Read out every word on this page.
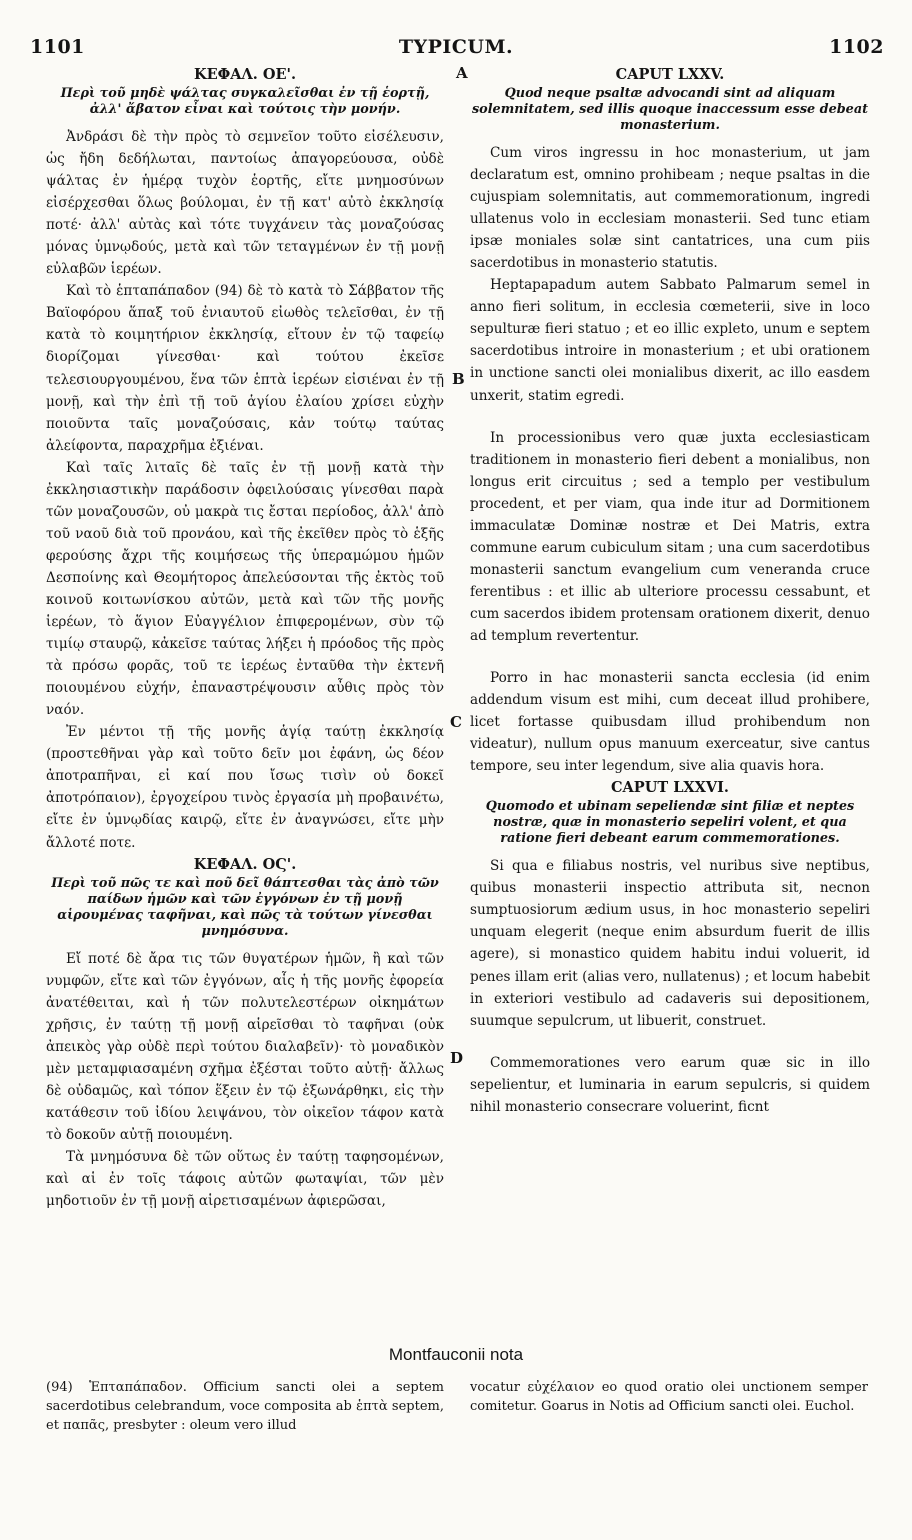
1101	TYPICUM.	1102
A
B
C
D
ΚΕΦΑΛ. ΟΕ'.
Περὶ τοῦ μηδὲ ψάλτας συγκαλεῖσθαι ἐν τῇ ἑορτῇ, ἀλλ' ἄβατον εἶναι καὶ τούτοις τὴν μονήν.

Ἀνδράσι δὲ τὴν πρὸς τὸ σεμνεῖον τοῦτο εἰσέλευσιν, ὡς ἤδη δεδήλωται, παντοίως ἀπαγορεύουσα, οὐδὲ ψάλτας ἐν ἡμέρᾳ τυχὸν ἑορτῆς, εἴτε μνημοσύνων εἰσέρχεσθαι ὅλως βούλομαι, ἐν τῇ κατ' αὐτὸ ἐκκλησίᾳ ποτέ· ἀλλ' αὐτὰς καὶ τότε τυγχάνειν τὰς μοναζούσας μόνας ὑμνῳδούς, μετὰ καὶ τῶν τεταγμένων ἐν τῇ μονῇ εὐλαβῶν ἱερέων.

Καὶ τὸ ἑπταπάπαδον (94) δὲ τὸ κατὰ τὸ Σάββατον τῆς Βαϊοφόρου ἅπαξ τοῦ ἐνιαυτοῦ εἰωθὸς τελεῖσθαι, ἐν τῇ κατὰ τὸ κοιμητήριον ἐκκλησίᾳ, εἴτουν ἐν τῷ ταφείῳ διορίζομαι γίνεσθαι· καὶ τούτου ἐκεῖσε τελεσιουργουμένου, ἕνα τῶν ἑπτὰ ἱερέων εἰσιέναι ἐν τῇ μονῇ, καὶ τὴν ἐπὶ τῇ τοῦ ἁγίου ἐλαίου χρίσει εὐχὴν ποιοῦντα ταῖς μοναζούσαις, κἀν τούτῳ ταύτας ἀλείφοντα, παραχρῆμα ἐξιέναι.

Καὶ ταῖς λιταῖς δὲ ταῖς ἐν τῇ μονῇ κατὰ τὴν ἐκκλησιαστικὴν παράδοσιν ὀφειλούσαις γίνεσθαι παρὰ τῶν μοναζουσῶν, οὐ μακρὰ τις ἔσται περίοδος, ἀλλ' ἀπὸ τοῦ ναοῦ διὰ τοῦ προνάου, καὶ τῆς ἐκεῖθεν πρὸς τὸ ἑξῆς φερούσης ἄχρι τῆς κοιμήσεως τῆς ὑπεραμώμου ἡμῶν Δεσποίνης καὶ Θεομήτορος ἀπελεύσονται τῆς ἐκτὸς τοῦ κοινοῦ κοιτωνίσκου αὐτῶν, μετὰ καὶ τῶν τῆς μονῆς ἱερέων, τὸ ἅγιον Εὐαγγέλιον ἐπιφερομένων, σὺν τῷ τιμίῳ σταυρῷ, κἀκεῖσε ταύτας λήξει ἡ πρόοδος τῆς πρὸς τὰ πρόσω φορᾶς, τοῦ τε ἱερέως ἐνταῦθα τὴν ἐκτενῆ ποιουμένου εὐχήν, ἐπαναστρέψουσιν αὖθις πρὸς τὸν ναόν.

Ἐν μέντοι τῇ τῆς μονῆς ἁγίᾳ ταύτῃ ἐκκλησίᾳ (προστεθῆναι γὰρ καὶ τοῦτο δεῖν μοι ἐφάνη, ὡς δέον ἀποτραπῆναι, εἰ καί που ἴσως τισὶν οὐ δοκεῖ ἀποτρόπαιον), ἐργοχείρου τινὸς ἐργασία μὴ προβαινέτω, εἴτε ἐν ὑμνῳδίας καιρῷ, εἴτε ἐν ἀναγνώσει, εἴτε μὴν ἄλλοτέ ποτε.

ΚΕΦΑΛ. ΟϚ'.
Περὶ τοῦ πῶς τε καὶ ποῦ δεῖ θάπτεσθαι τὰς ἀπὸ τῶν παίδων ἡμῶν καὶ τῶν ἐγγόνων ἐν τῇ μονῇ αἱρουμένας ταφῆναι, καὶ πῶς τὰ τούτων γίνεσθαι μνημόσυνα.

Εἴ ποτέ δὲ ἄρα τις τῶν θυγατέρων ἡμῶν, ἢ καὶ τῶν νυμφῶν, εἴτε καὶ τῶν ἐγγόνων, αἷς ἡ τῆς μονῆς ἐφορεία ἀνατέθειται, καὶ ἡ τῶν πολυτελεστέρων οἰκημάτων χρῆσις, ἐν ταύτῃ τῇ μονῇ αἱρεῖσθαι τὸ ταφῆναι (οὐκ ἀπεικὸς γὰρ οὐδὲ περὶ τούτου διαλαβεῖν)· τὸ μοναδικὸν μὲν μεταμφιασαμένη σχῆμα ἐξέσται τοῦτο αὐτῇ· ἄλλως δὲ οὐδαμῶς, καὶ τόπον ἕξειν ἐν τῷ ἐξωνάρθηκι, εἰς τὴν κατάθεσιν τοῦ ἰδίου λειψάνου, τὸν οἰκεῖον τάφον κατὰ τὸ δοκοῦν αὐτῇ ποιουμένη.

Τὰ μνημόσυνα δὲ τῶν οὕτως ἐν ταύτῃ ταφησομένων, καὶ αἱ ἐν τοῖς τάφοις αὐτῶν φωταψίαι, τῶν μὲν μηδοτιοῦν ἐν τῇ μονῇ αἱρετισαμένων ἀφιερῶσαι,

CAPUT LXXV.
Quod neque psaltæ advocandi sint ad aliquam solemnitatem, sed illis quoque inaccessum esse debeat monasterium.

Cum viros ingressu in hoc monasterium, ut jam declaratum est, omnino prohibeam ; neque psaltas in die cujuspiam solemnitatis, aut commemorationum, ingredi ullatenus volo in ecclesiam monasterii. Sed tunc etiam ipsæ moniales solæ sint cantatrices, una cum piis sacerdotibus in monasterio statutis.

Heptapapadum autem Sabbato Palmarum semel in anno fieri solitum, in ecclesia cœmeterii, sive in loco sepulturæ fieri statuo ; et eo illic expleto, unum e septem sacerdotibus introire in monasterium ; et ubi orationem in unctione sancti olei monialibus dixerit, ac illo easdem unxerit, statim egredi.

In processionibus vero quæ juxta ecclesiasticam traditionem in monasterio fieri debent a monialibus, non longus erit circuitus ; sed a templo per vestibulum procedent, et per viam, qua inde itur ad Dormitionem immaculatæ Dominæ nostræ et Dei Matris, extra commune earum cubiculum sitam ; una cum sacerdotibus monasterii sanctum evangelium cum veneranda cruce ferentibus : et illic ab ulteriore processu cessabunt, et cum sacerdos ibidem protensam orationem dixerit, denuo ad templum revertentur.

Porro in hac monasterii sancta ecclesia (id enim addendum visum est mihi, cum deceat illud prohibere, licet fortasse quibusdam illud prohibendum non videatur), nullum opus manuum exerceatur, sive cantus tempore, seu inter legendum, sive alia quavis hora.

CAPUT LXXVI.
Quomodo et ubinam sepeliendæ sint filiæ et neptes nostræ, quæ in monasterio sepeliri volent, et qua ratione fieri debeant earum commemorationes.

Si qua e filiabus nostris, vel nuribus sive neptibus, quibus monasterii inspectio attributa sit, necnon sumptuosiorum ædium usus, in hoc monasterio sepeliri unquam elegerit (neque enim absurdum fuerit de illis agere), si monastico quidem habitu indui voluerit, id penes illam erit (alias vero, nullatenus) ; et locum habebit in exteriori vestibulo ad cadaveris sui depositionem, suumque sepulcrum, ut libuerit, construet.

Commemorationes vero earum quæ sic in illo sepelientur, et luminaria in earum sepulcris, si quidem nihil monasterio consecrare voluerint, ficnt

Montfauconii nota
(94) Ἑπταπάπαδον. Officium sancti olei a septem sacerdotibus celebrandum, voce composita ab ἑπτὰ septem, et παπᾶς, presbyter : oleum vero illud
vocatur εὐχέλαιον eo quod oratio olei unctionem semper comitetur. Goarus in Notis ad Officium sancti olei. Euchol.
